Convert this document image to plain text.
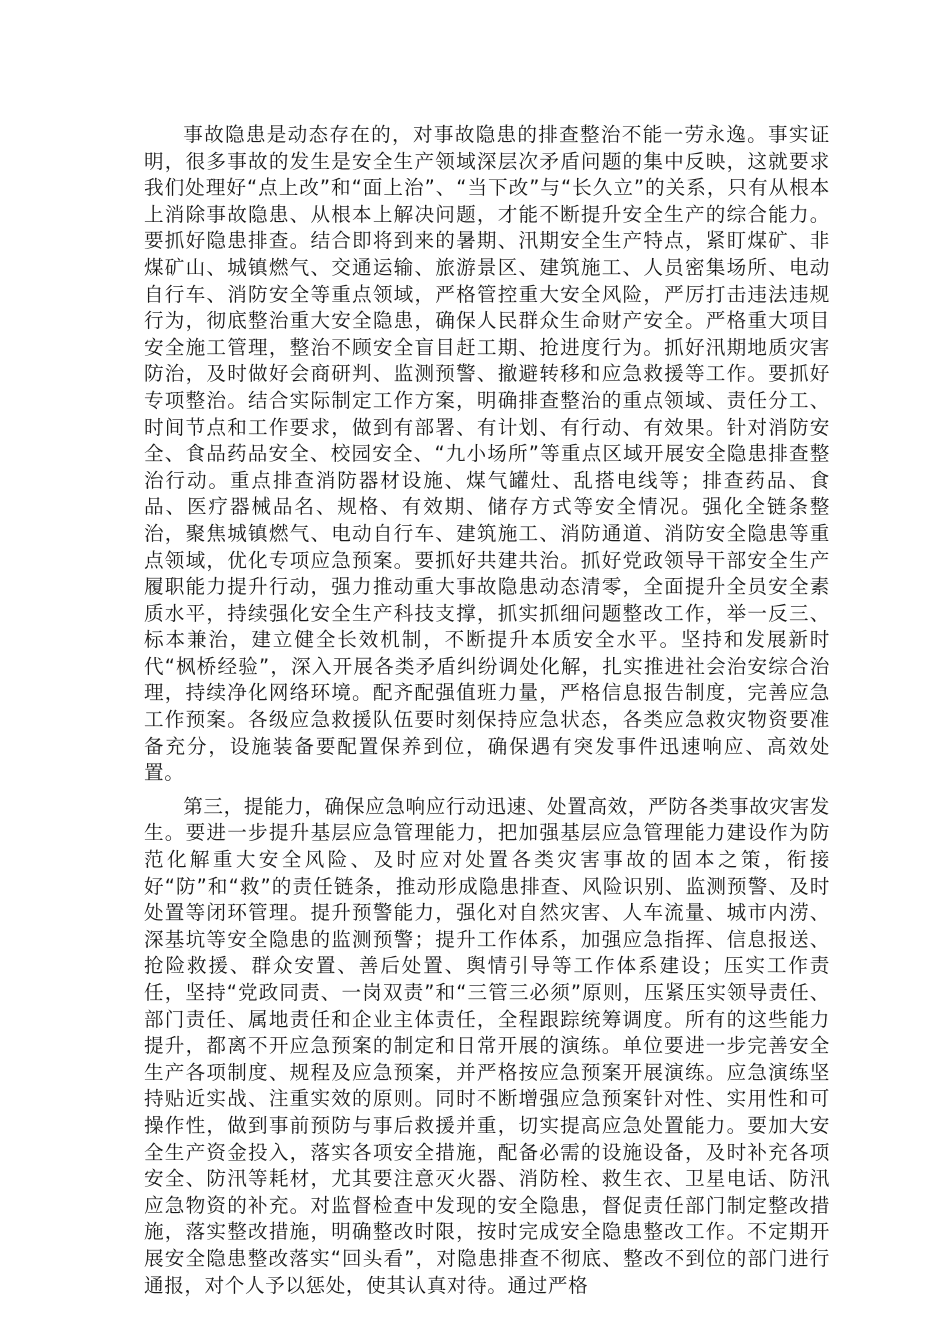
事故隐患是动态存在的，对事故隐患的排查整治不能一劳永逸。事实证明，很多事故的发生是安全生产领域深层次矛盾问题的集中反映，这就要求我们处理好“点上改”和“面上治”、“当下改”与“长久立”的关系，只有从根本上消除事故隐患、从根本上解决问题，才能不断提升安全生产的综合能力。要抓好隐患排查。结合即将到来的暑期、汛期安全生产特点，紧盯煤矿、非煤矿山、城镇燃气、交通运输、旅游景区、建筑施工、人员密集场所、电动自行车、消防安全等重点领域，严格管控重大安全风险，严厉打击违法违规行为，彻底整治重大安全隐患，确保人民群众生命财产安全。严格重大项目安全施工管理，整治不顾安全盲目赶工期、抢进度行为。抓好汛期地质灾害防治，及时做好会商研判、监测预警、撤避转移和应急救援等工作。要抓好专项整治。结合实际制定工作方案，明确排查整治的重点领域、责任分工、时间节点和工作要求，做到有部署、有计划、有行动、有效果。针对消防安全、食品药品安全、校园安全、“九小场所”等重点区域开展安全隐患排查整治行动。重点排查消防器材设施、煤气罐灶、乱搭电线等；排查药品、食品、医疗器械品名、规格、有效期、储存方式等安全情况。强化全链条整治，聚焦城镇燃气、电动自行车、建筑施工、消防通道、消防安全隐患等重点领域，优化专项应急预案。要抓好共建共治。抓好党政领导干部安全生产履职能力提升行动，强力推动重大事故隐患动态清零，全面提升全员安全素质水平，持续强化安全生产科技支撑，抓实抓细问题整改工作，举一反三、标本兼治，建立健全长效机制，不断提升本质安全水平。坚持和发展新时代“枫桥经验”，深入开展各类矛盾纠纷调处化解，扎实推进社会治安综合治理，持续净化网络环境。配齐配强值班力量，严格信息报告制度，完善应急工作预案。各级应急救援队伍要时刻保持应急状态，各类应急救灾物资要准备充分，设施装备要配置保养到位，确保遇有突发事件迅速响应、高效处置。

第三，提能力，确保应急响应行动迅速、处置高效，严防各类事故灾害发生。要进一步提升基层应急管理能力，把加强基层应急管理能力建设作为防范化解重大安全风险、及时应对处置各类灾害事故的固本之策，衔接好“防”和“救”的责任链条，推动形成隐患排查、风险识别、监测预警、及时处置等闭环管理。提升预警能力，强化对自然灾害、人车流量、城市内涝、深基坑等安全隐患的监测预警；提升工作体系，加强应急指挥、信息报送、抢险救援、群众安置、善后处置、舆情引导等工作体系建设；压实工作责任，坚持“党政同责、一岗双责”和“三管三必须”原则，压紧压实领导责任、部门责任、属地责任和企业主体责任，全程跟踪统筹调度。所有的这些能力提升，都离不开应急预案的制定和日常开展的演练。单位要进一步完善安全生产各项制度、规程及应急预案，并严格按应急预案开展演练。应急演练坚持贴近实战、注重实效的原则。同时不断增强应急预案针对性、实用性和可操作性，做到事前预防与事后救援并重，切实提高应急处置能力。要加大安全生产资金投入，落实各项安全措施，配备必需的设施设备，及时补充各项安全、防汛等耗材，尤其要注意灭火器、消防栓、救生衣、卫星电话、防汛应急物资的补充。对监督检查中发现的安全隐患，督促责任部门制定整改措施，落实整改措施，明确整改时限，按时完成安全隐患整改工作。不定期开展安全隐患整改落实“回头看”，对隐患排查不彻底、整改不到位的部门进行通报，对个人予以惩处，使其认真对待。通过严格
